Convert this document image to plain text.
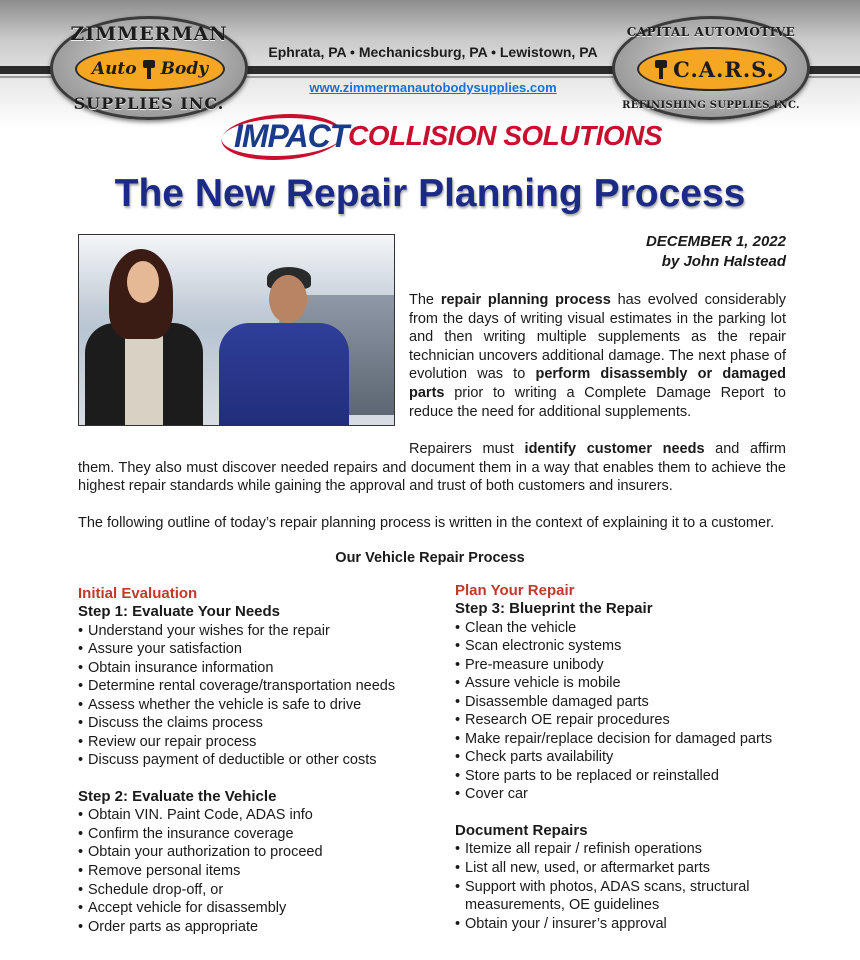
ZIMMERMAN
Auto Body
SUPPLIES INC.
Ephrata, PA • Mechanicsburg, PA • Lewistown, PA
www.zimmermanautobodysupplies.com
CAPITAL AUTOMOTIVE
C.A.R.S.
REFINISHING SUPPLIES INC.
IMPACT COLLISION SOLUTIONS
The New Repair Planning Process
DECEMBER 1, 2022
by John Halstead

The repair planning process has evolved considerably from the days of writing visual estimates in the parking lot and then writing multiple supplements as the repair technician uncovers additional damage. The next phase of evolution was to perform disassembly or damaged parts prior to writing a Complete Damage Report to reduce the need for additional supplements.

Repairers must identify customer needs and affirm them. They also must discover needed repairs and document them in a way that enables them to achieve the highest repair standards while gaining the approval and trust of both customers and insurers.

The following outline of today’s repair planning process is written in the context of explaining it to a customer.

Our Vehicle Repair Process
Initial Evaluation
Step 1: Evaluate Your Needs
• Understand your wishes for the repair
• Assure your satisfaction
• Obtain insurance information
• Determine rental coverage/transportation needs
• Assess whether the vehicle is safe to drive
• Discuss the claims process
• Review our repair process
• Discuss payment of deductible or other costs
Step 2: Evaluate the Vehicle
• Obtain VIN. Paint Code, ADAS info
• Confirm the insurance coverage
• Obtain your authorization to proceed
• Remove personal items
• Schedule drop-off, or
• Accept vehicle for disassembly
• Order parts as appropriate
Plan Your Repair
Step 3: Blueprint the Repair
• Clean the vehicle
• Scan electronic systems
• Pre-measure unibody
• Assure vehicle is mobile
• Disassemble damaged parts
• Research OE repair procedures
• Make repair/replace decision for damaged parts
• Check parts availability
• Store parts to be replaced or reinstalled
• Cover car
Document Repairs
• Itemize all repair / refinish operations
• List all new, used, or aftermarket parts
• Support with photos, ADAS scans, structural measurements, OE guidelines
• Obtain your / insurer’s approval
